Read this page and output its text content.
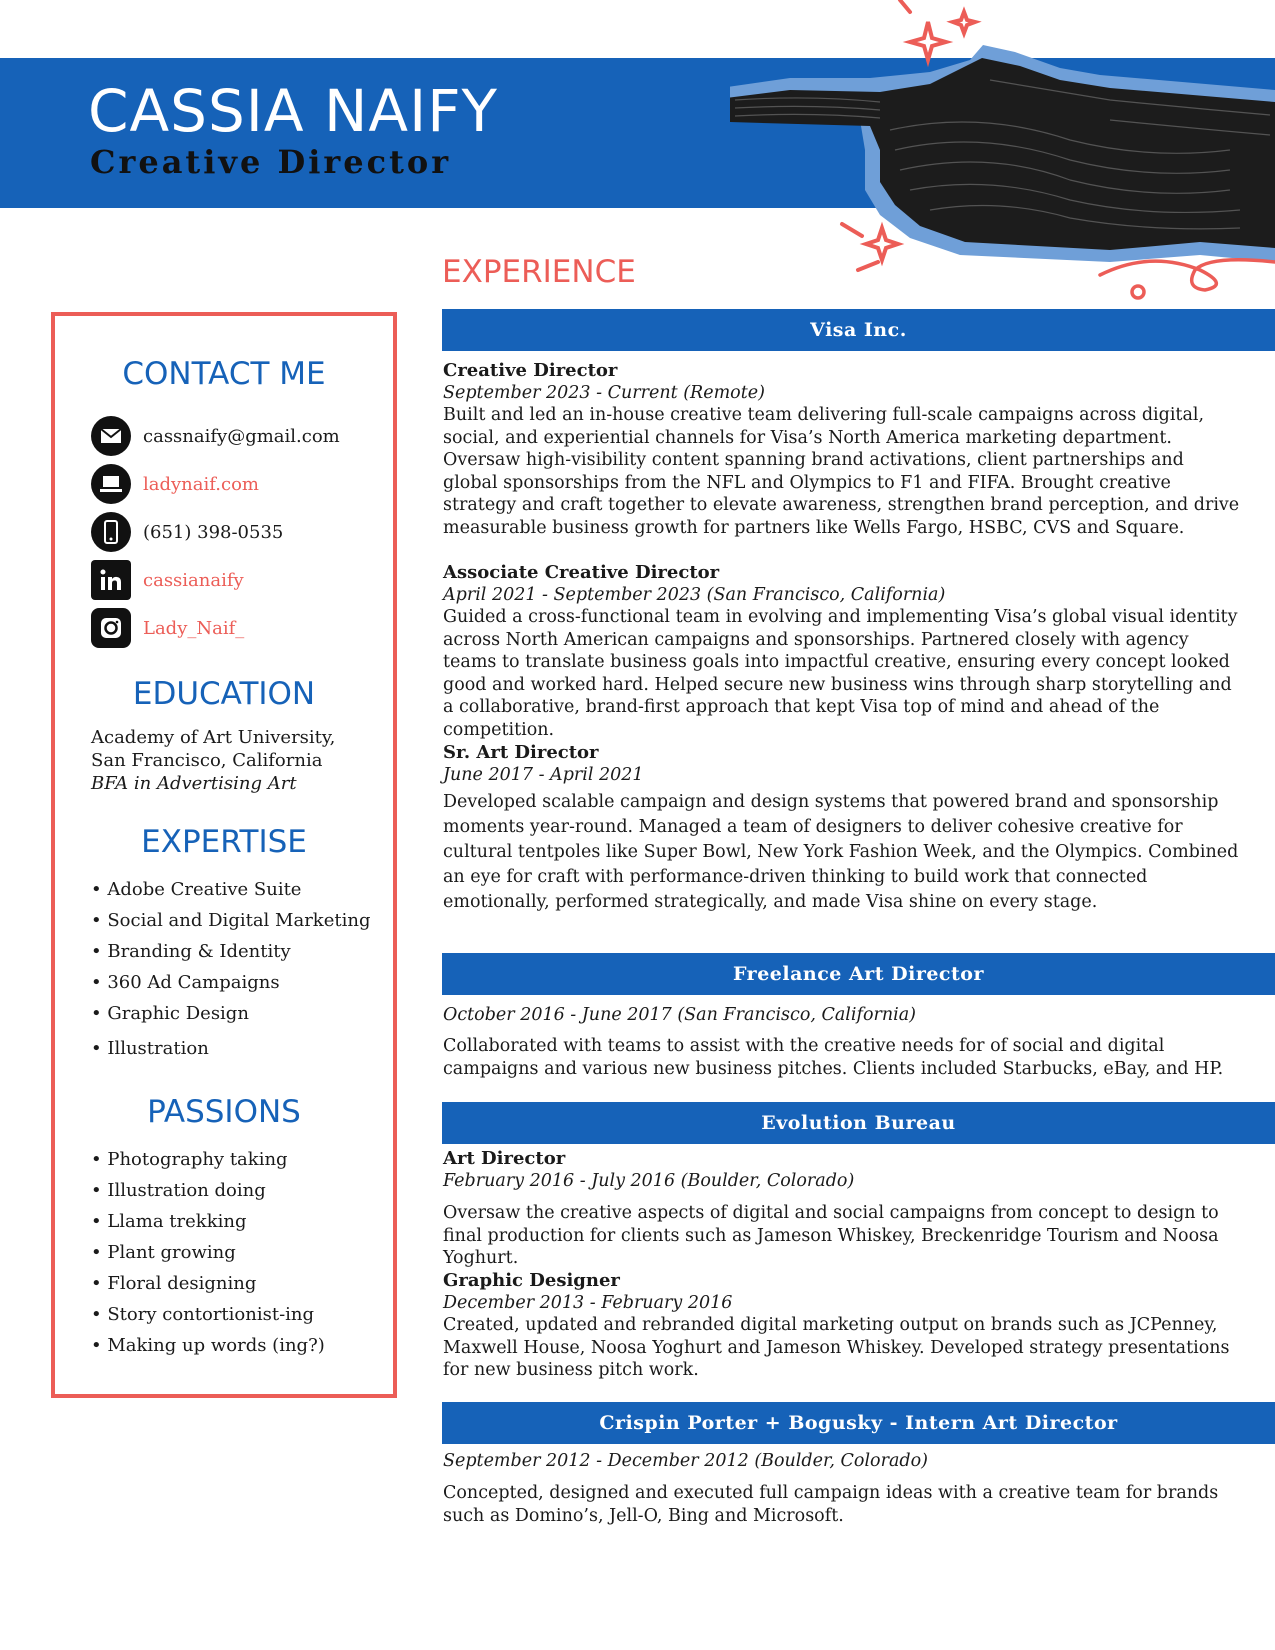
CASSIA NAIFY
Creative Director
CONTACT ME
cassnaify@gmail.com
ladynaif.com
(651) 398-0535
cassianaify
Lady_Naif_
EDUCATION
Academy of Art University,
San Francisco, California
BFA in Advertising Art
EXPERTISE
• Adobe Creative Suite
• Social and Digital Marketing
• Branding & Identity
• 360 Ad Campaigns
• Graphic Design
• Illustration
PASSIONS
• Photography taking
• Illustration doing
• Llama trekking
• Plant growing
• Floral designing
• Story contortionist-ing
• Making up words (ing?)
EXPERIENCE
Visa Inc.

Creative Director

September 2023 - Current (Remote)

Built and led an in-house creative team delivering full-scale campaigns across digital, social, and experiential channels for Visa’s North America marketing department. Oversaw high-visibility content spanning brand activations, client partnerships and global sponsorships from the NFL and Olympics to F1 and FIFA. Brought creative strategy and craft together to elevate awareness, strengthen brand perception, and drive measurable business growth for partners like Wells Fargo, HSBC, CVS and Square.

Associate Creative Director

April 2021 - September 2023 (San Francisco, California)

Guided a cross-functional team in evolving and implementing Visa’s global visual identity across North American campaigns and sponsorships. Partnered closely with agency teams to translate business goals into impactful creative, ensuring every concept looked good and worked hard. Helped secure new business wins through sharp storytelling and a collaborative, brand-first approach that kept Visa top of mind and ahead of the competition.

Sr. Art Director

June 2017 - April 2021

Developed scalable campaign and design systems that powered brand and sponsorship moments year-round. Managed a team of designers to deliver cohesive creative for cultural tentpoles like Super Bowl, New York Fashion Week, and the Olympics. Combined an eye for craft with performance-driven thinking to build work that connected emotionally, performed strategically, and made Visa shine on every stage.

Freelance Art Director

October 2016 - June 2017 (San Francisco, California)

Collaborated with teams to assist with the creative needs for of social and digital campaigns and various new business pitches. Clients included Starbucks, eBay, and HP.

Evolution Bureau

Art Director

February 2016 - July 2016 (Boulder, Colorado)

Oversaw the creative aspects of digital and social campaigns from concept to design to final production for clients such as Jameson Whiskey, Breckenridge Tourism and Noosa Yoghurt.

Graphic Designer

December 2013 - February 2016

Created, updated and rebranded digital marketing output on brands such as JCPenney, Maxwell House, Noosa Yoghurt and Jameson Whiskey. Developed strategy presentations for new business pitch work.

Crispin Porter + Bogusky - Intern Art Director

September 2012 - December 2012 (Boulder, Colorado)

Concepted, designed and executed full campaign ideas with a creative team for brands such as Domino’s, Jell-O, Bing and Microsoft.
